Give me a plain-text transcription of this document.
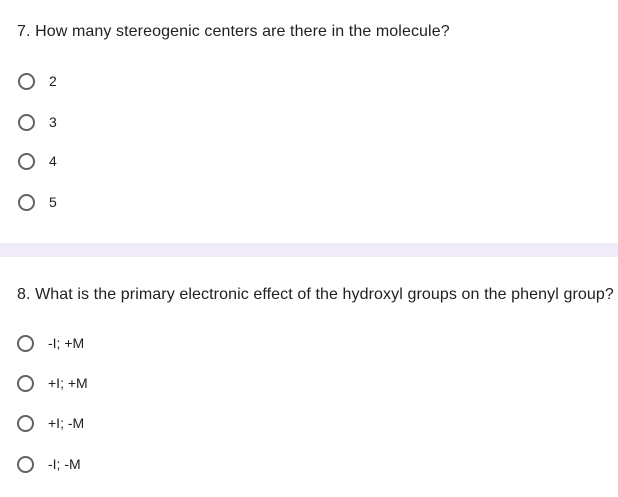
7. How many stereogenic centers are there in the molecule?
2
3
4
5
8. What is the primary electronic effect of the hydroxyl groups on the phenyl group?
-I; +M
+I; +M
+I; -M
-I; -M
